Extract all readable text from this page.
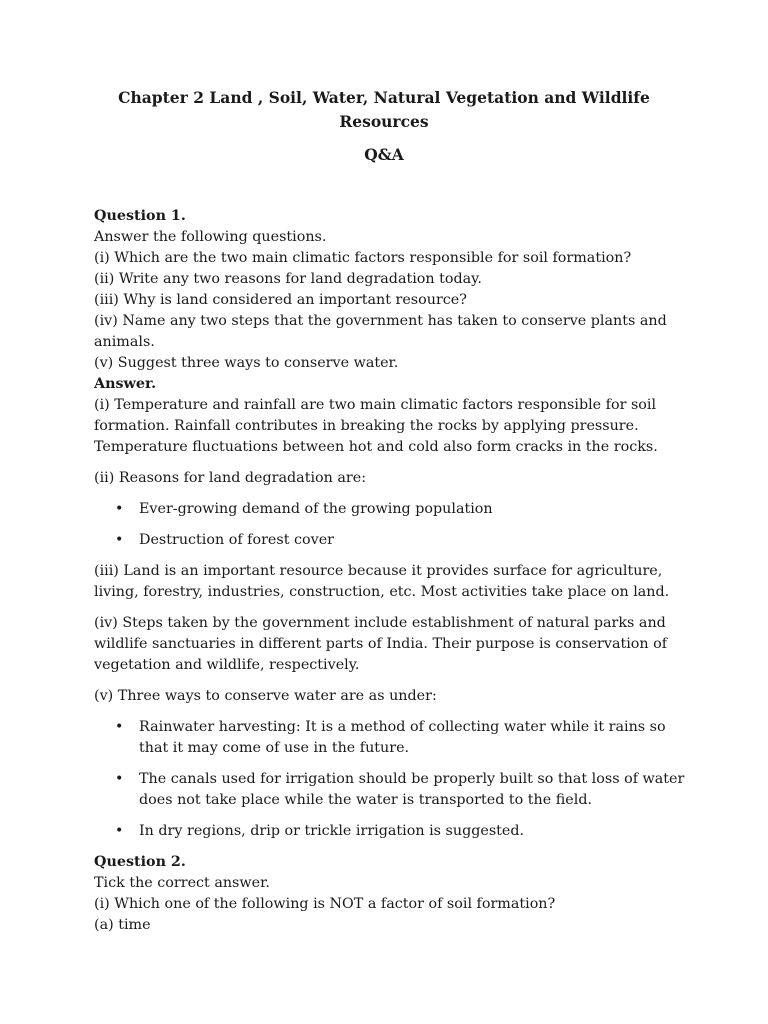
Chapter 2 Land , Soil, Water, Natural Vegetation and Wildlife Resources

Q&A

Question 1.

Answer the following questions.

(i) Which are the two main climatic factors responsible for soil formation?

(ii) Write any two reasons for land degradation today.

(iii) Why is land considered an important resource?

(iv) Name any two steps that the government has taken to conserve plants and animals.

(v) Suggest three ways to conserve water.

Answer.

(i) Temperature and rainfall are two main climatic factors responsible for soil formation. Rainfall contributes in breaking the rocks by applying pressure. Temperature fluctuations between hot and cold also form cracks in the rocks.

(ii) Reasons for land degradation are:

• Ever-growing demand of the growing population
• Destruction of forest cover

(iii) Land is an important resource because it provides surface for agriculture, living, forestry, industries, construction, etc. Most activities take place on land.

(iv) Steps taken by the government include establishment of natural parks and wildlife sanctuaries in different parts of India. Their purpose is conservation of vegetation and wildlife, respectively.

(v) Three ways to conserve water are as under:

• Rainwater harvesting: It is a method of collecting water while it rains so that it may come of use in the future.
• The canals used for irrigation should be properly built so that loss of water does not take place while the water is transported to the field.
• In dry regions, drip or trickle irrigation is suggested.

Question 2.

Tick the correct answer.

(i) Which one of the following is NOT a factor of soil formation?

(a) time
